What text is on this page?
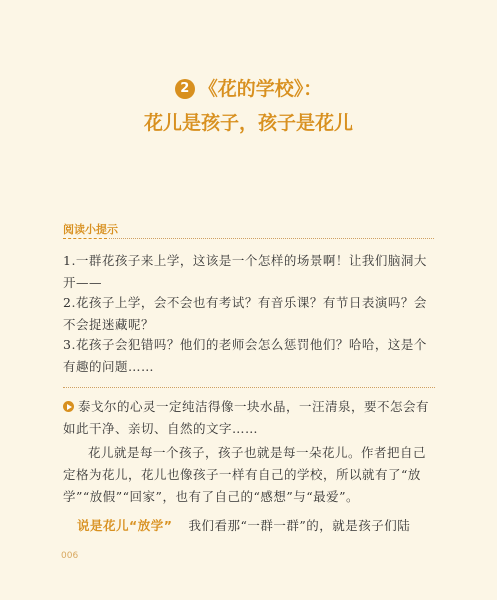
2 《花的学校》：
花儿是孩子，孩子是花儿
阅读小提示
1.一群花孩子来上学，这该是一个怎样的场景啊！让我们脑洞大开——
2.花孩子上学，会不会也有考试？有音乐课？有节日表演吗？会不会捉迷藏呢？
3.花孩子会犯错吗？他们的老师会怎么惩罚他们？哈哈，这是个有趣的问题……
泰戈尔的心灵一定纯洁得像一块水晶，一汪清泉，要不怎会有如此干净、亲切、自然的文字……
花儿就是每一个孩子，孩子也就是每一朵花儿。作者把自己定格为花儿，花儿也像孩子一样有自己的学校，所以就有了“放学”“放假”“回家”，也有了自己的“感想”与“最爱”。
说是花儿“放学” 我们看那“一群一群”的，就是孩子们陆
006
